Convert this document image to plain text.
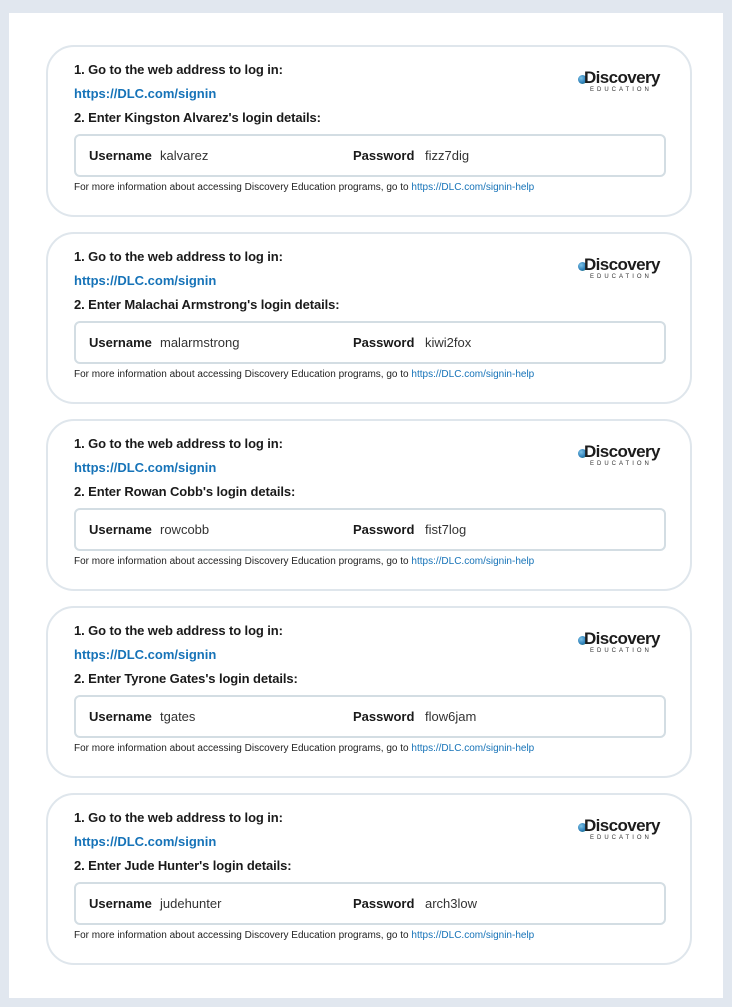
1. Go to the web address to log in:
https://DLC.com/signin
2. Enter Kingston Alvarez's login details:
Username kalvarez	Password fizz7dig
For more information about accessing Discovery Education programs, go to https://DLC.com/signin-help
Discovery
EDUCATION
1. Go to the web address to log in:
https://DLC.com/signin
2. Enter Malachai Armstrong's login details:
Username malarmstrong	Password kiwi2fox
For more information about accessing Discovery Education programs, go to https://DLC.com/signin-help
Discovery
EDUCATION
1. Go to the web address to log in:
https://DLC.com/signin
2. Enter Rowan Cobb's login details:
Username rowcobb	Password fist7log
For more information about accessing Discovery Education programs, go to https://DLC.com/signin-help
Discovery
EDUCATION
1. Go to the web address to log in:
https://DLC.com/signin
2. Enter Tyrone Gates's login details:
Username tgates	Password flow6jam
For more information about accessing Discovery Education programs, go to https://DLC.com/signin-help
Discovery
EDUCATION
1. Go to the web address to log in:
https://DLC.com/signin
2. Enter Jude Hunter's login details:
Username judehunter	Password arch3low
For more information about accessing Discovery Education programs, go to https://DLC.com/signin-help
Discovery
EDUCATION
